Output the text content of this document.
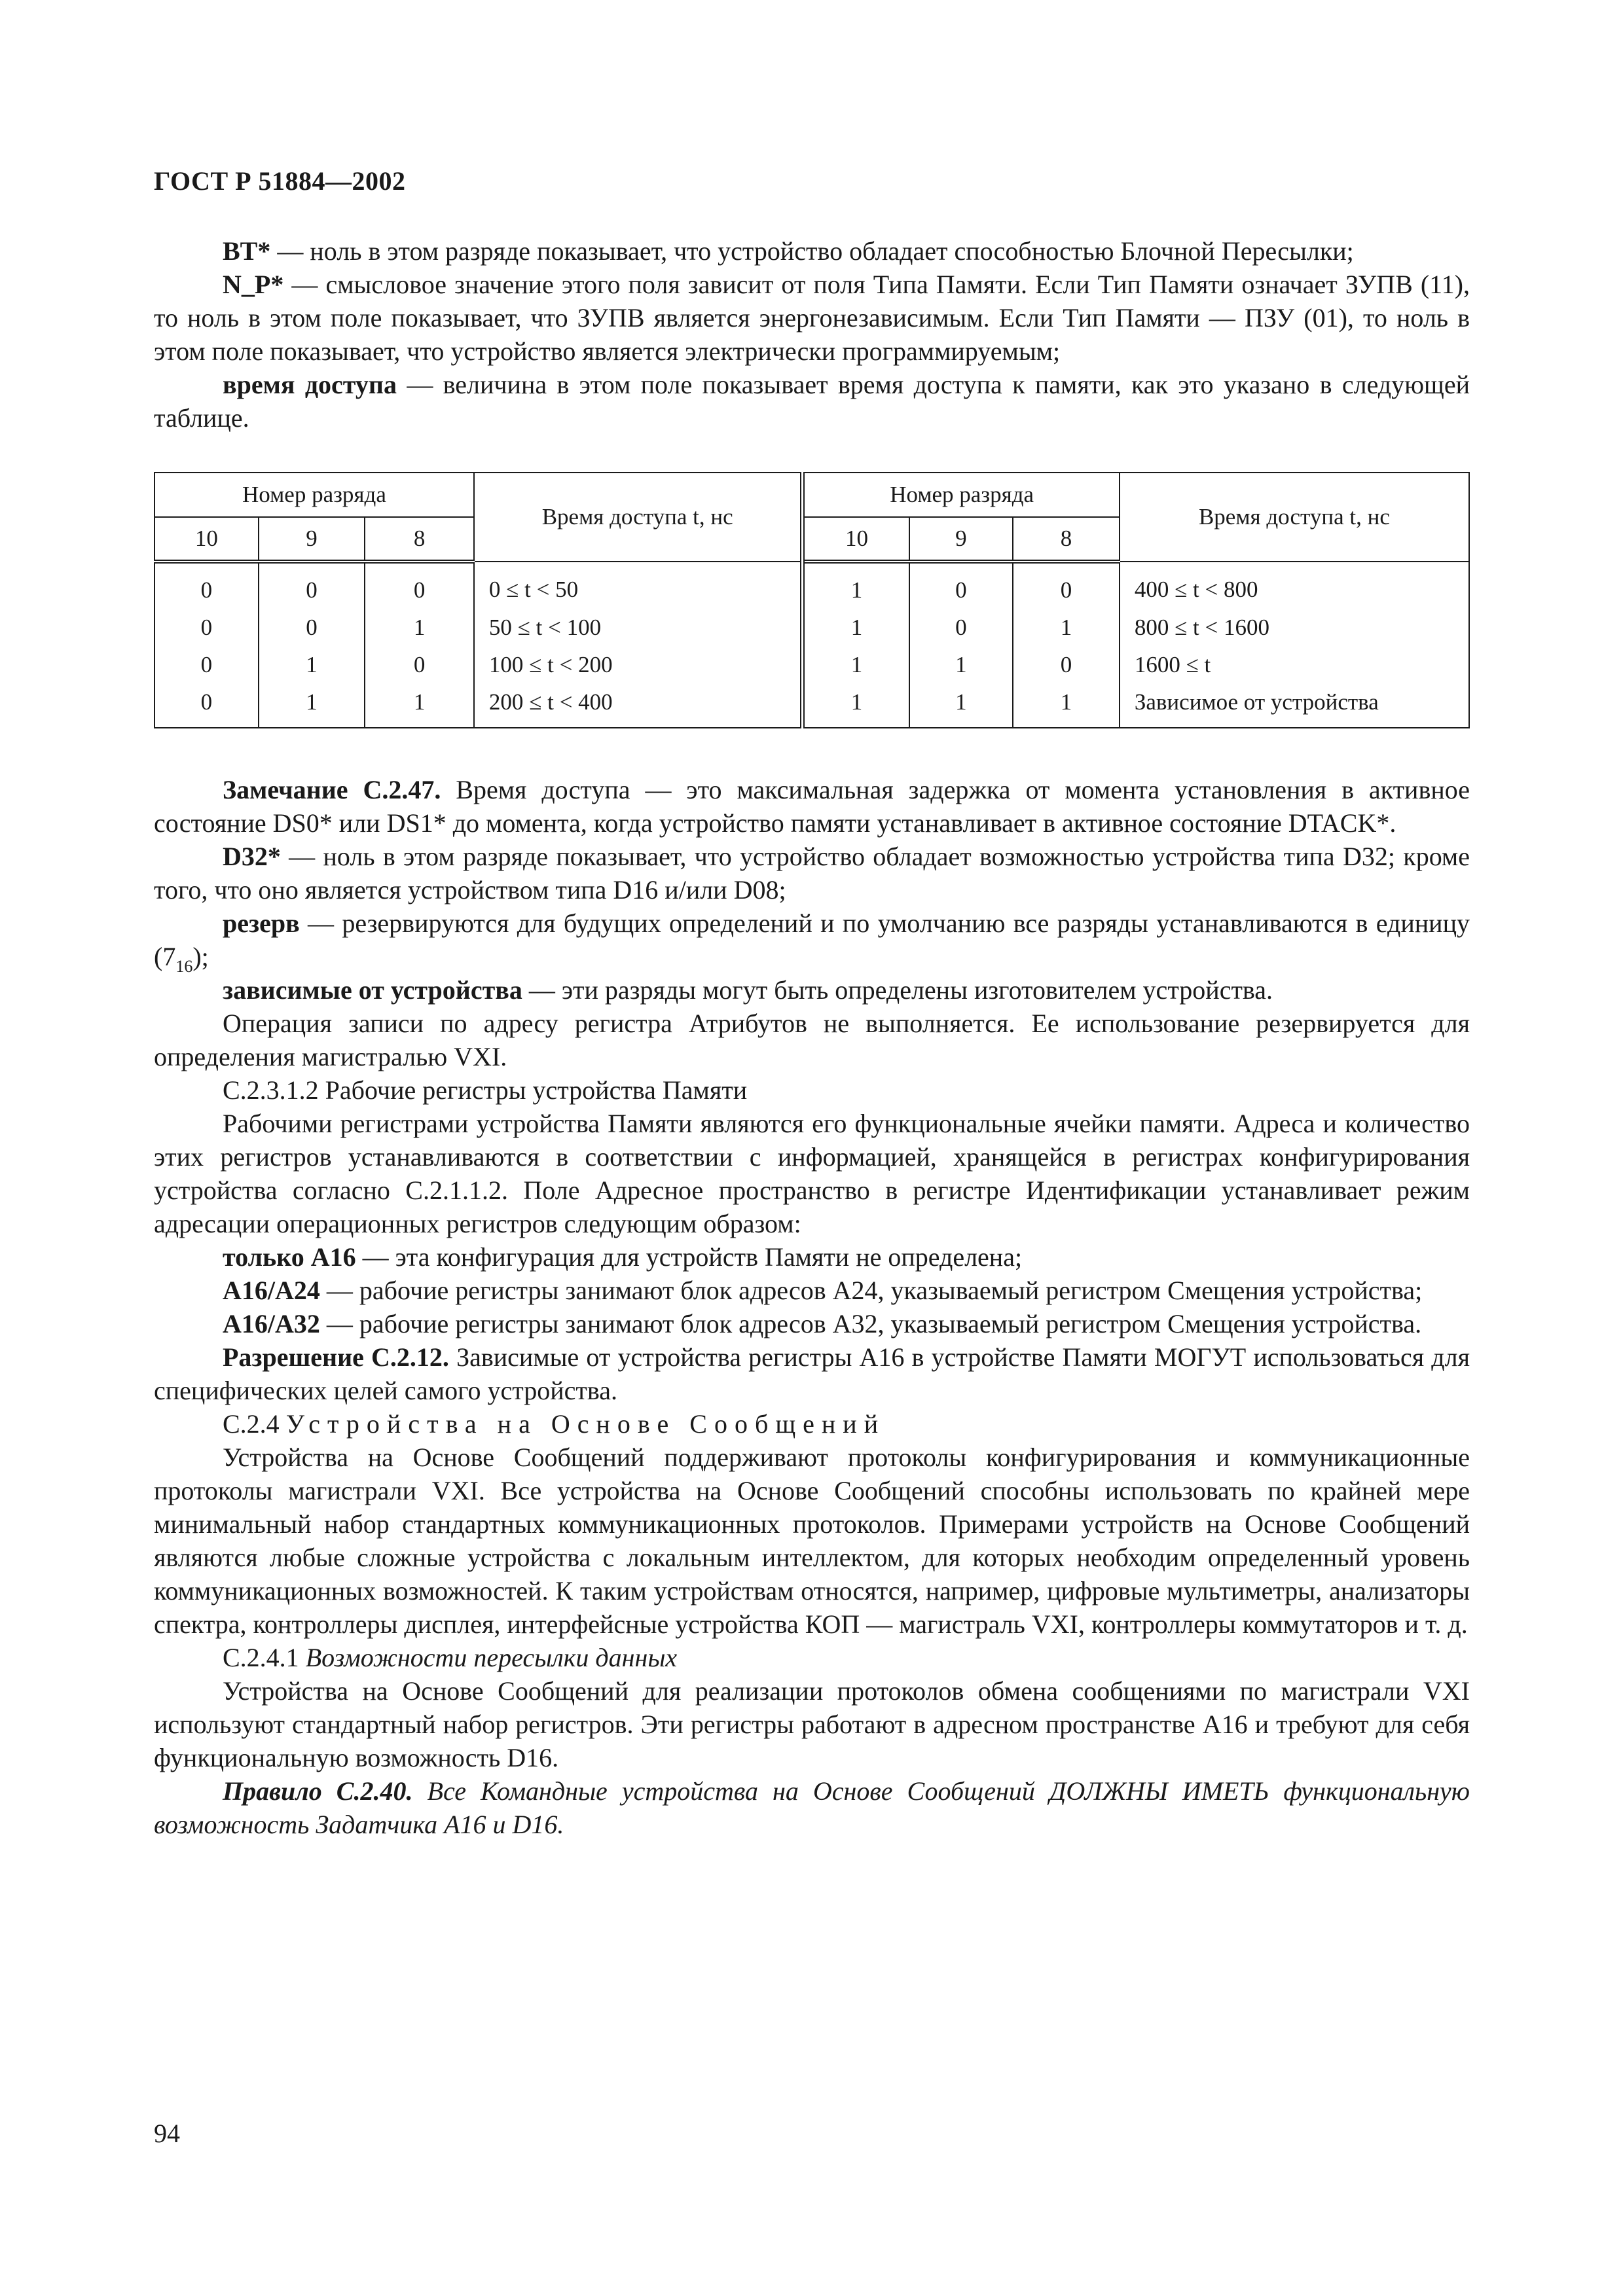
ГОСТ Р 51884—2002

BT* — ноль в этом разряде показывает, что устройство обладает способностью Блочной Пересылки;

N_P* — смысловое значение этого поля зависит от поля Типа Памяти. Если Тип Памяти означает ЗУПВ (11), то ноль в этом поле показывает, что ЗУПВ является энергонезависимым. Если Тип Памяти — ПЗУ (01), то ноль в этом поле показывает, что устройство является электрически программируемым;

время доступа — величина в этом поле показывает время доступа к памяти, как это указано в следующей таблице.

Номер разряда			Время доступа t, нс	Номер разряда			Время доступа t, нс
10	9	8		10	9	8	
0	0	0	0 ≤ t < 50	1	0	0	400 ≤ t < 800
0	0	1	50 ≤ t < 100	1	0	1	800 ≤ t < 1600
0	1	0	100 ≤ t < 200	1	1	0	1600 ≤ t
0	1	1	200 ≤ t < 400	1	1	1	Зависимое от устройства

Замечание С.2.47. Время доступа — это максимальная задержка от момента установления в активное состояние DS0* или DS1* до момента, когда устройство памяти устанавливает в активное состояние DTACK*.

D32* — ноль в этом разряде показывает, что устройство обладает возможностью устройства типа D32; кроме того, что оно является устройством типа D16 и/или D08;

резерв — резервируются для будущих определений и по умолчанию все разряды устанавливаются в единицу $(7_{16})$;

зависимые от устройства — эти разряды могут быть определены изготовителем устройства.

Операция записи по адресу регистра Атрибутов не выполняется. Ее использование резервируется для определения магистралью VXI.

С.2.3.1.2 Рабочие регистры устройства Памяти

Рабочими регистрами устройства Памяти являются его функциональные ячейки памяти. Адреса и количество этих регистров устанавливаются в соответствии с информацией, хранящейся в регистрах конфигурирования устройства согласно С.2.1.1.2. Поле Адресное пространство в регистре Идентификации устанавливает режим адресации операционных регистров следующим образом:

только А16 — эта конфигурация для устройств Памяти не определена;

А16/А24 — рабочие регистры занимают блок адресов А24, указываемый регистром Смещения устройства;

А16/А32 — рабочие регистры занимают блок адресов А32, указываемый регистром Смещения устройства.

Разрешение С.2.12. Зависимые от устройства регистры А16 в устройстве Памяти МОГУТ использоваться для специфических целей самого устройства.

С.2.4 Устройства на Основе Сообщений

Устройства на Основе Сообщений поддерживают протоколы конфигурирования и коммуникационные протоколы магистрали VXI. Все устройства на Основе Сообщений способны использовать по крайней мере минимальный набор стандартных коммуникационных протоколов. Примерами устройств на Основе Сообщений являются любые сложные устройства с локальным интеллектом, для которых необходим определенный уровень коммуникационных возможностей. К таким устройствам относятся, например, цифровые мультиметры, анализаторы спектра, контроллеры дисплея, интерфейсные устройства КОП — магистраль VXI, контроллеры коммутаторов и т. д.

С.2.4.1 Возможности пересылки данных

Устройства на Основе Сообщений для реализации протоколов обмена сообщениями по магистрали VXI используют стандартный набор регистров. Эти регистры работают в адресном пространстве А16 и требуют для себя функциональную возможность D16.

Правило С.2.40. Все Командные устройства на Основе Сообщений ДОЛЖНЫ ИМЕТЬ функциональную возможность Задатчика А16 и D16.

94
